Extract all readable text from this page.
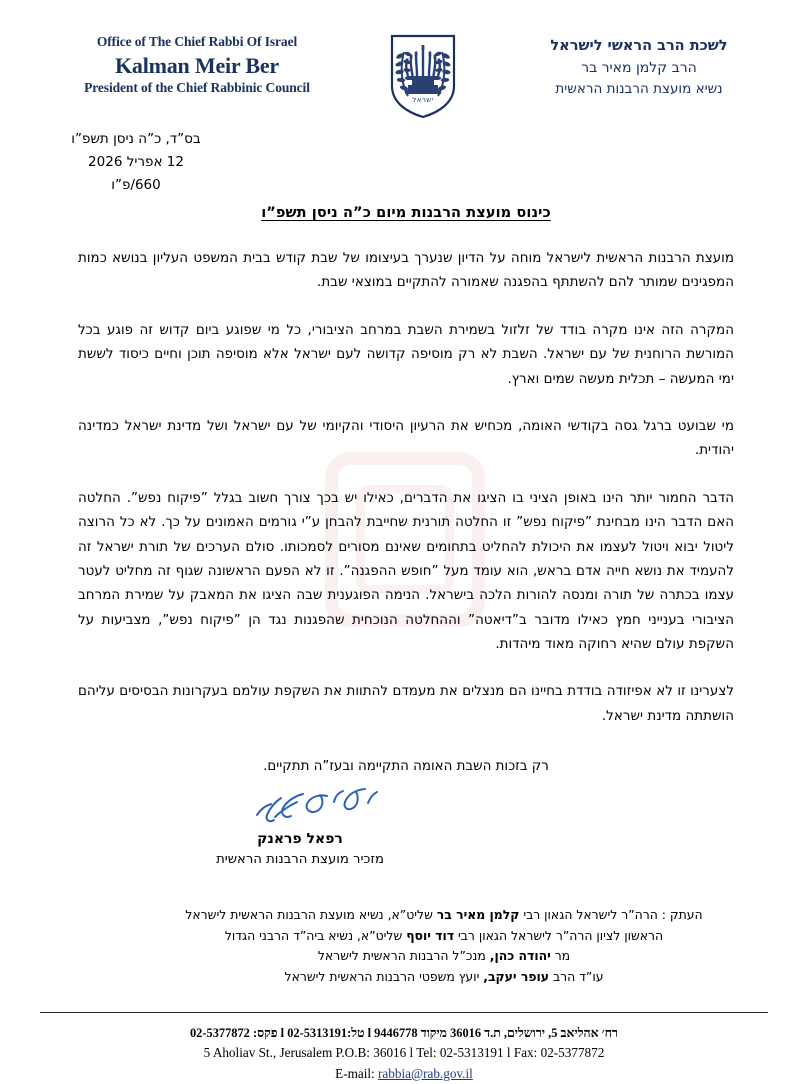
Office of The Chief Rabbi Of Israel
Kalman Meir Ber
President of the Chief Rabbinic Council
ישראל
לשכת הרב הראשי לישראל
הרב קלמן מאיר בר
נשיא מועצת הרבנות הראשית
בס”ד, כ”ה ניסן תשפ”ו
12 אפריל 2026
660/פ”ו
כינוס מועצת הרבנות מיום כ”ה ניסן תשפ”ו

מועצת הרבנות הראשית לישראל מוחה על הדיון שנערך בעיצומו של שבת קודש בבית המשפט העליון בנושא כמות המפגינים שמותר להם להשתתף בהפגנה שאמורה להתקיים במוצאי שבת.

המקרה הזה אינו מקרה בודד של זלזול בשמירת השבת במרחב הציבורי, כל מי שפוגע ביום קדוש זה פוגע בכל המורשת הרוחנית של עם ישראל. השבת לא רק מוסיפה קדושה לעם ישראל אלא מוסיפה תוכן וחיים כיסוד לששת ימי המעשה – תכלית מעשה שמים וארץ.

מי שבועט ברגל גסה בקודשי האומה, מכחיש את הרעיון היסודי והקיומי של עם ישראל ושל מדינת ישראל כמדינה יהודית.

הדבר החמור יותר הינו באופן הציני בו הציגו את הדברים, כאילו יש בכך צורך חשוב בגלל ”פיקוח נפש”. החלטה האם הדבר הינו מבחינת ”פיקוח נפש” זו החלטה תורנית שחייבת להבחן ע”י גורמים האמונים על כך. לא כל הרוצה ליטול יבוא ויטול לעצמו את היכולת להחליט בתחומים שאינם מסורים לסמכותו. סולם הערכים של תורת ישראל זה להעמיד את נושא חייה אדם בראש, הוא עומד מעל ”חופש ההפגנה”. זו לא הפעם הראשונה שגוף זה מחליט לעטר עצמו בכתרה של תורה ומנסה להורות הלכה בישראל. הנימה הפוגענית שבה הציגו את המאבק על שמירת המרחב הציבורי בענייני חמץ כאילו מדובר ב”דיאטה” וההחלטה הנוכחית שהפגנות נגד הן ”פיקוח נפש”, מצביעות על השקפת עולם שהיא רחוקה מאוד מיהדות.

לצערינו זו לא אפיזודה בודדת בחיינו הם מנצלים את מעמדם להתוות את השקפת עולמם בעקרונות הבסיסים עליהם הושתתה מדינת ישראל.

רק בזכות השבת האומה התקיימה ובעז”ה תתקיים.

רפאל פראנק
מזכיר מועצת הרבנות הראשית
העתק : הרה”ר לישראל הגאון רבי קלמן מאיר בר שליט”א, נשיא מועצת הרבנות הראשית לישראל
הראשון לציון הרה”ר לישראל הגאון רבי דוד יוסף שליט”א, נשיא ביה”ד הרבני הגדול
מר יהודה כהן, מנכ”ל הרבנות הראשית לישראל
עו”ד הרב עופר יעקב, יועץ משפטי הרבנות הראשית לישראל
רח׳ אהליאב 5, ירושלים, ת.ד 36016 מיקוד 9446778 l טל:02-5313191 l פקס: 02-5377872
5 Aholiav St., Jerusalem P.O.B: 36016 l Tel: 02-5313191 l Fax: 02-5377872
E-mail: rabbia@rab.gov.il
